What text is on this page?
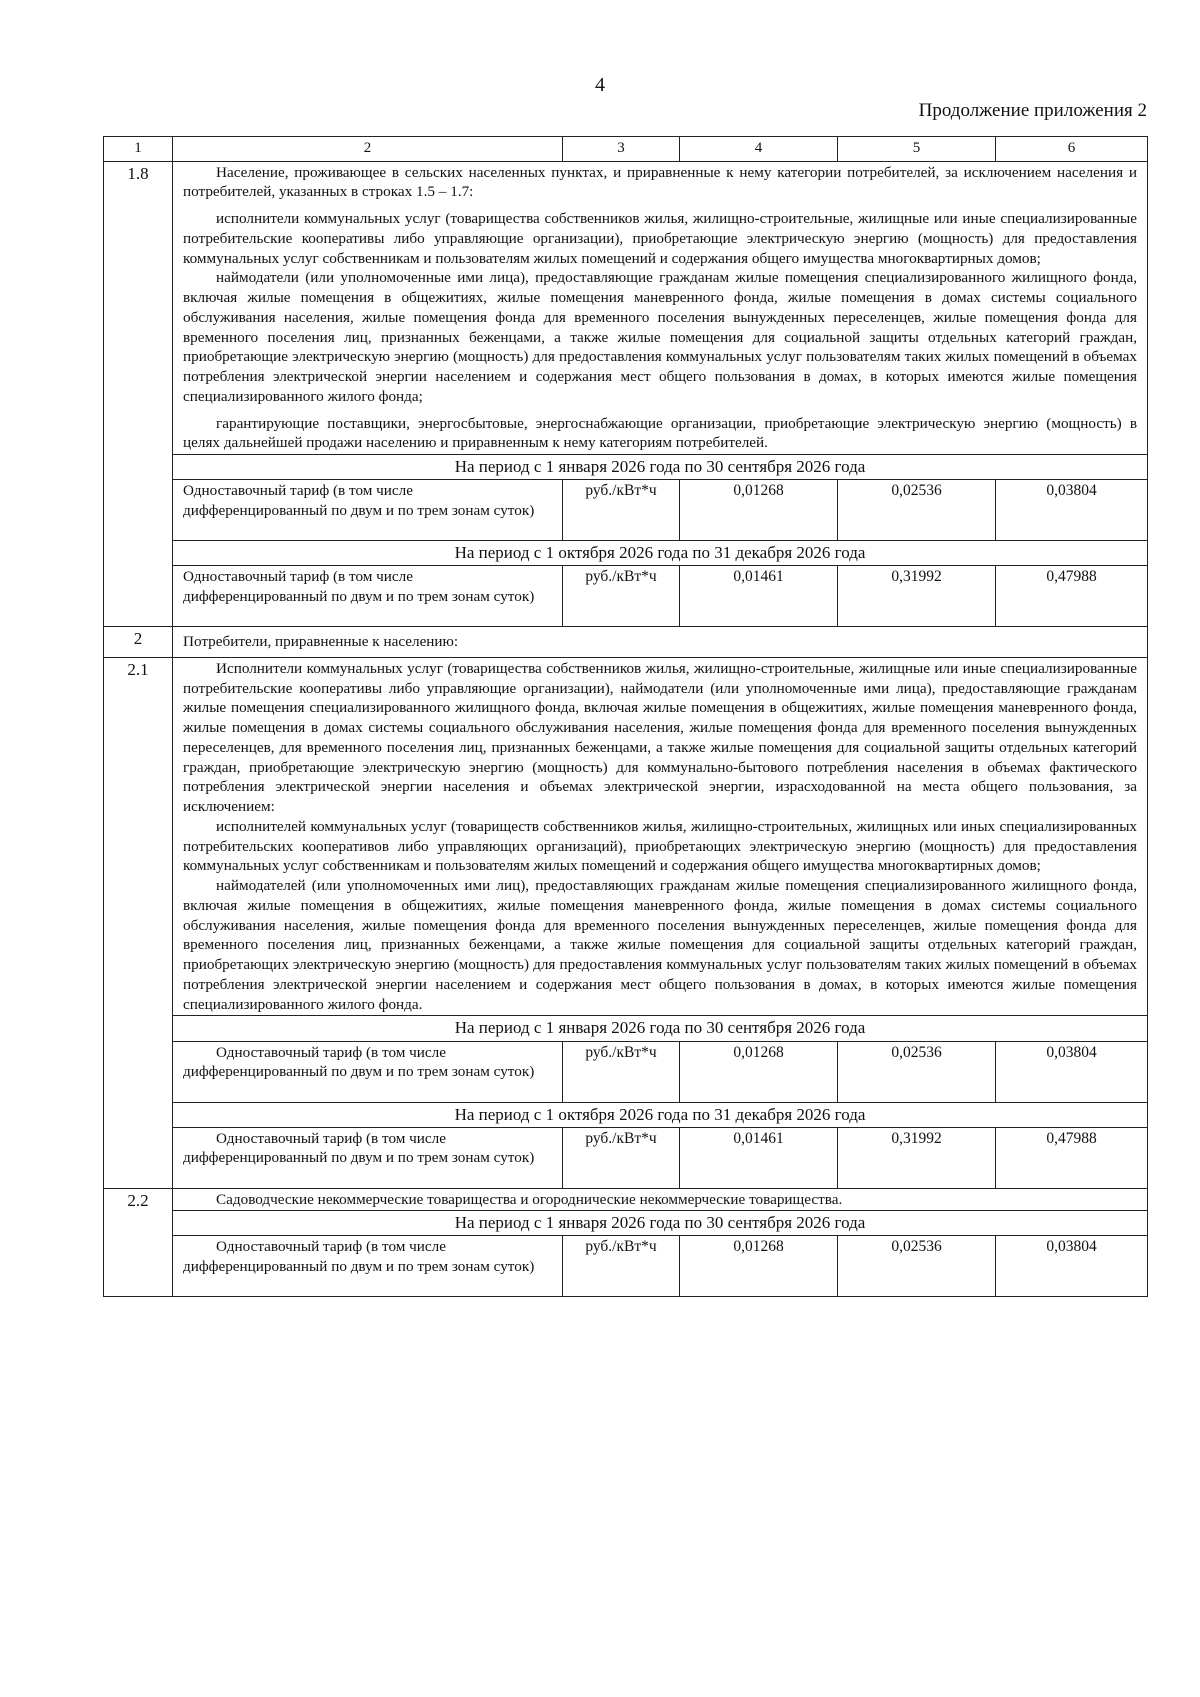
4
Продолжение приложения 2
1	2	3	4	5	6
1.8	Население, проживающее в сельских населенных пунктах, и приравненные к нему категории потребителей, за исключением населения и потребителей, указанных в строках 1.5 – 1.7:

исполнители коммунальных услуг (товарищества собственников жилья, жилищно-строительные, жилищные или иные специализированные потребительские кооперативы либо управляющие организации), приобретающие электрическую энергию (мощность) для предоставления коммунальных услуг собственникам и пользователям жилых помещений и содержания общего имущества многоквартирных домов;

наймодатели (или уполномоченные ими лица), предоставляющие гражданам жилые помещения специализированного жилищного фонда, включая жилые помещения в общежитиях, жилые помещения маневренного фонда, жилые помещения в домах системы социального обслуживания населения, жилые помещения фонда для временного поселения вынужденных переселенцев, жилые помещения фонда для временного поселения лиц, признанных беженцами, а также жилые помещения для социальной защиты отдельных категорий граждан, приобретающие электрическую энергию (мощность) для предоставления коммунальных услуг пользователям таких жилых помещений в объемах потребления электрической энергии населением и содержания мест общего пользования в домах, в которых имеются жилые помещения специализированного жилого фонда;

гарантирующие поставщики, энергосбытовые, энергоснабжающие организации, приобретающие электрическую энергию (мощность) в целях дальнейшей продажи населению и приравненным к нему категориям потребителей.				

	На период с 1 января 2026 года по 30 сентября 2026 года				
	Одноставочный тариф (в том числе дифференцированный по двум и по трем зонам суток)	руб./кВт*ч	0,01268	0,02536	0,03804
	На период с 1 октября 2026 года по 31 декабря 2026 года				
	Одноставочный тариф (в том числе дифференцированный по двум и по трем зонам суток)	руб./кВт*ч	0,01461	0,31992	0,47988
2	Потребители, приравненные к населению:				

2.1	Исполнители коммунальных услуг (товарищества собственников жилья, жилищно-строительные, жилищные или иные специализированные потребительские кооперативы либо управляющие организации), наймодатели (или уполномоченные ими лица), предоставляющие гражданам жилые помещения специализированного жилищного фонда, включая жилые помещения в общежитиях, жилые помещения маневренного фонда, жилые помещения в домах системы социального обслуживания населения, жилые помещения фонда для временного поселения вынужденных переселенцев, для временного поселения лиц, признанных беженцами, а также жилые помещения для социальной защиты отдельных категорий граждан, приобретающие электрическую энергию (мощность) для коммунально-бытового потребления населения в объемах фактического потребления электрической энергии населения и объемах электрической энергии, израсходованной на места общего пользования, за исключением:

исполнителей коммунальных услуг (товариществ собственников жилья, жилищно-строительных, жилищных или иных специализированных потребительских кооперативов либо управляющих организаций), приобретающих электрическую энергию (мощность) для предоставления коммунальных услуг собственникам и пользователям жилых помещений и содержания общего имущества многоквартирных домов;

наймодателей (или уполномоченных ими лиц), предоставляющих гражданам жилые помещения специализированного жилищного фонда, включая жилые помещения в общежитиях, жилые помещения маневренного фонда, жилые помещения в домах системы социального обслуживания населения, жилые помещения фонда для временного поселения вынужденных переселенцев, жилые помещения фонда для временного поселения лиц, признанных беженцами, а также жилые помещения для социальной защиты отдельных категорий граждан, приобретающих электрическую энергию (мощность) для предоставления коммунальных услуг пользователям таких жилых помещений в объемах потребления электрической энергии населением и содержания мест общего пользования в домах, в которых имеются жилые помещения специализированного жилого фонда.				

	На период с 1 января 2026 года по 30 сентября 2026 года				
	Одноставочный тариф (в том числе дифференцированный по двум и по трем зонам суток)	руб./кВт*ч	0,01268	0,02536	0,03804
	На период с 1 октября 2026 года по 31 декабря 2026 года				
	Одноставочный тариф (в том числе дифференцированный по двум и по трем зонам суток)	руб./кВт*ч	0,01461	0,31992	0,47988
2.2	Садоводческие некоммерческие товарищества и огороднические некоммерческие товарищества.				

	На период с 1 января 2026 года по 30 сентября 2026 года				
	Одноставочный тариф (в том числе дифференцированный по двум и по трем зонам суток)	руб./кВт*ч	0,01268	0,02536	0,03804
